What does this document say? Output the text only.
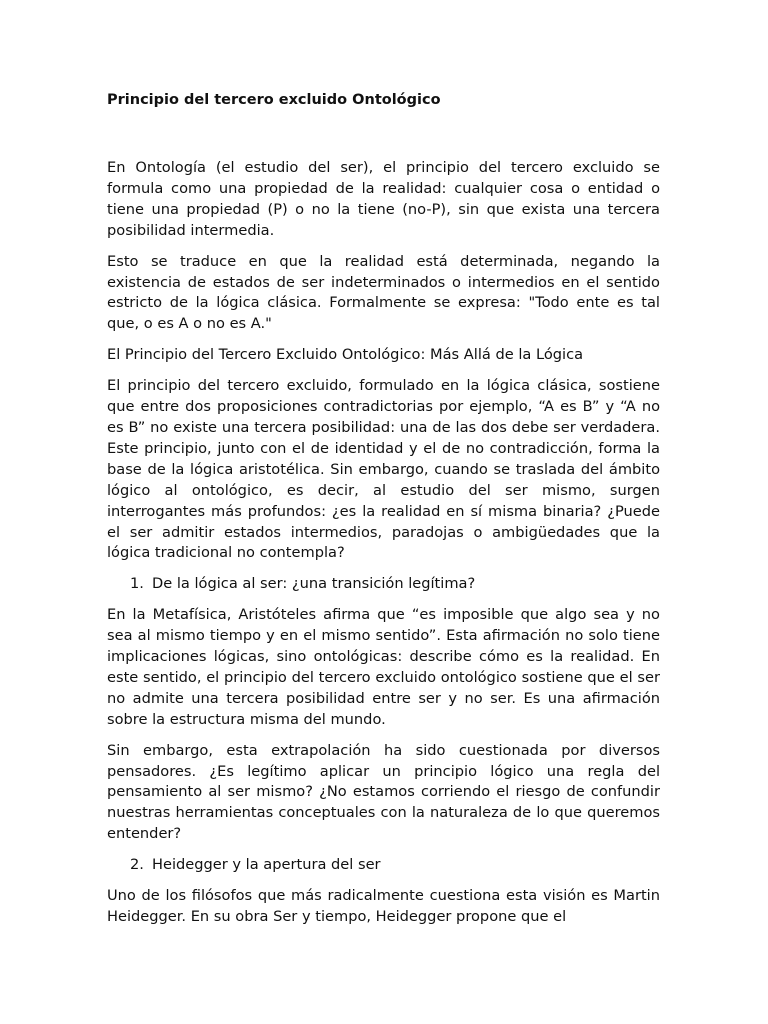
Principio del tercero excluido Ontológico

En Ontología (el estudio del ser), el principio del tercero excluido se formula como una propiedad de la realidad: cualquier cosa o entidad o tiene una propiedad (P) o no la tiene (no-P), sin que exista una tercera posibilidad intermedia.

Esto se traduce en que la realidad está determinada, negando la existencia de estados de ser indeterminados o intermedios en el sentido estricto de la lógica clásica. Formalmente se expresa: "Todo ente es tal que, o es A o no es A."

El Principio del Tercero Excluido Ontológico: Más Allá de la Lógica

El principio del tercero excluido, formulado en la lógica clásica, sostiene que entre dos proposiciones contradictorias por ejemplo, “A es B” y “A no es B” no existe una tercera posibilidad: una de las dos debe ser verdadera. Este principio, junto con el de identidad y el de no contradicción, forma la base de la lógica aristotélica. Sin embargo, cuando se traslada del ámbito lógico al ontológico, es decir, al estudio del ser mismo, surgen interrogantes más profundos: ¿es la realidad en sí misma binaria? ¿Puede el ser admitir estados intermedios, paradojas o ambigüedades que la lógica tradicional no contempla?

1. De la lógica al ser: ¿una transición legítima?

En la Metafísica, Aristóteles afirma que “es imposible que algo sea y no sea al mismo tiempo y en el mismo sentido”. Esta afirmación no solo tiene implicaciones lógicas, sino ontológicas: describe cómo es la realidad. En este sentido, el principio del tercero excluido ontológico sostiene que el ser no admite una tercera posibilidad entre ser y no ser. Es una afirmación sobre la estructura misma del mundo.

Sin embargo, esta extrapolación ha sido cuestionada por diversos pensadores. ¿Es legítimo aplicar un principio lógico una regla del pensamiento al ser mismo? ¿No estamos corriendo el riesgo de confundir nuestras herramientas conceptuales con la naturaleza de lo que queremos entender?

2. Heidegger y la apertura del ser

Uno de los filósofos que más radicalmente cuestiona esta visión es Martin Heidegger. En su obra Ser y tiempo, Heidegger propone que el
